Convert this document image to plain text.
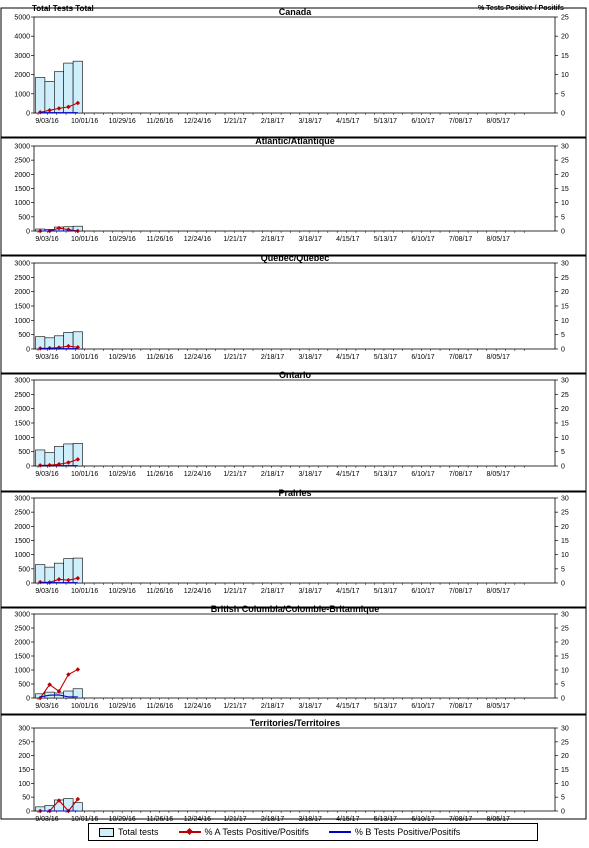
Total Tests Total	% Tests Positive / Positifs
Canada
0
1000
2000
3000
4000
5000
0
5
10
15
20
25
9/03/16 10/01/16 10/29/16 11/26/16 12/24/16 1/21/17 2/18/17 3/18/17 4/15/17 5/13/17 6/10/17 7/08/17 8/05/17
Atlantic/Atlantique
0
500
1000
1500
2000
2500
3000
0
5
10
15
20
25
30
9/03/16 10/01/16 10/29/16 11/26/16 12/24/16 1/21/17 2/18/17 3/18/17 4/15/17 5/13/17 6/10/17 7/08/17 8/05/17
Quebec/Québec
0
500
1000
1500
2000
2500
3000
0
5
10
15
20
25
30
9/03/16 10/01/16 10/29/16 11/26/16 12/24/16 1/21/17 2/18/17 3/18/17 4/15/17 5/13/17 6/10/17 7/08/17 8/05/17
Ontario
0
500
1000
1500
2000
2500
3000
0
5
10
15
20
25
30
9/03/16 10/01/16 10/29/16 11/26/16 12/24/16 1/21/17 2/18/17 3/18/17 4/15/17 5/13/17 6/10/17 7/08/17 8/05/17
Prairies
0
500
1000
1500
2000
2500
3000
0
5
10
15
20
25
30
9/03/16 10/01/16 10/29/16 11/26/16 12/24/16 1/21/17 2/18/17 3/18/17 4/15/17 5/13/17 6/10/17 7/08/17 8/05/17
British Columbia/Colombie-Britannique
0
500
1000
1500
2000
2500
3000
0
5
10
15
20
25
30
9/03/16 10/01/16 10/29/16 11/26/16 12/24/16 1/21/17 2/18/17 3/18/17 4/15/17 5/13/17 6/10/17 7/08/17 8/05/17
Territories/Territoires
0
50
100
150
200
250
300
0
5
10
15
20
25
30
9/03/16 10/01/16 10/29/16 11/26/16 12/24/16 1/21/17 2/18/17 3/18/17 4/15/17 5/13/17 6/10/17 7/08/17 8/05/17
Total tests	% A Tests Positive/Positifs	% B Tests Positive/Positifs
